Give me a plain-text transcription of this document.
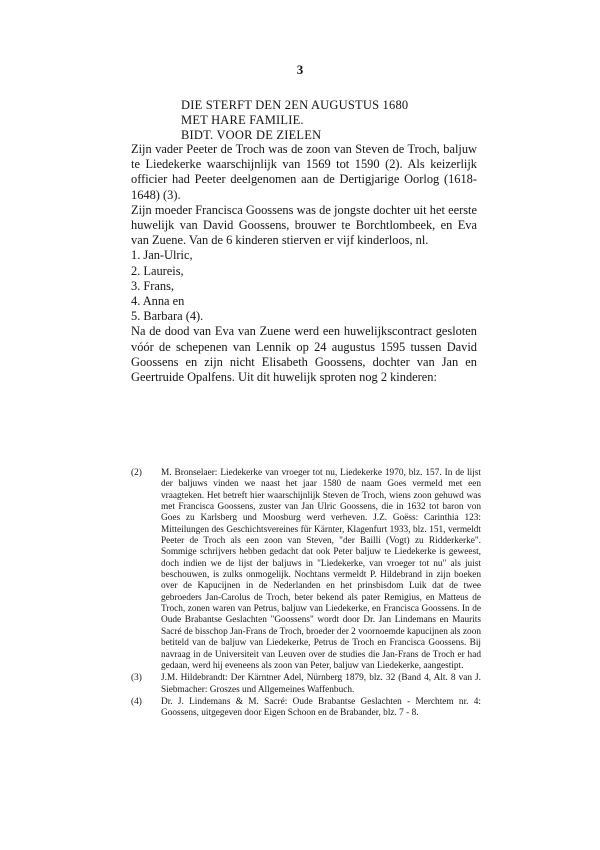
3
DIE STERFT DEN 2EN AUGUSTUS 1680
MET HARE FAMILIE.
BIDT. VOOR DE ZIELEN

Zijn vader Peeter de Troch was de zoon van Steven de Troch, baljuw te Liedekerke waarschijnlijk van 1569 tot 1590 (2). Als keizerlijk officier had Peeter deelgenomen aan de Dertigjarige Oorlog (1618-1648) (3).

Zijn moeder Francisca Goossens was de jongste dochter uit het eerste huwelijk van David Goossens, brouwer te Borchtlombeek, en Eva van Zuene. Van de 6 kinderen stierven er vijf kinderloos, nl.

1. Jan-Ulric,
2. Laureis,
3. Frans,
4. Anna en
5. Barbara (4).

Na de dood van Eva van Zuene werd een huwelijkscontract gesloten vóór de schepenen van Lennik op 24 augustus 1595 tussen David Goossens en zijn nicht Elisabeth Goossens, dochter van Jan en Geertruide Opalfens. Uit dit huwelijk sproten nog 2 kinderen:

(2) M. Bronselaer: Liedekerke van vroeger tot nu, Liedekerke 1970, blz. 157. In de lijst der baljuws vinden we naast het jaar 1580 de naam Goes vermeld met een vraagteken. Het betreft hier waarschijnlijk Steven de Troch, wiens zoon gehuwd was met Francisca Goossens, zuster van Jan Ulric Goossens, die in 1632 tot baron von Goes zu Karlsberg und Moosburg werd verheven. J.Z. Goëss: Carinthia 123: Mitteilungen des Geschichtsvereines für Kärnter, Klagenfurt 1933, blz. 151, vermeldt Peeter de Troch als een zoon van Steven, "der Bailli (Vogt) zu Ridderkerke". Sommige schrijvers hebben gedacht dat ook Peter baljuw te Liedekerke is geweest, doch indien we de lijst der baljuws in "Liedekerke, van vroeger tot nu" als juist beschouwen, is zulks onmogelijk. Nochtans vermeldt P. Hildebrand in zijn boeken over de Kapucijnen in de Nederlanden en het prinsbisdom Luik dat de twee gebroeders Jan-Carolus de Troch, beter bekend als pater Remigius, en Matteus de Troch, zonen waren van Petrus, baljuw van Liedekerke, en Francisca Goossens. In de Oude Brabantse Geslachten "Goossens" wordt door Dr. Jan Lindemans en Maurits Sacré de bisschop Jan-Frans de Troch, broeder der 2 voornoemde kapucijnen als zoon betiteld van de baljuw van Liedekerke, Petrus de Troch en Francisca Goossens. Bij navraag in de Universiteit van Leuven over de studies die Jan-Frans de Troch er had gedaan, werd hij eveneens als zoon van Peter, baljuw van Liedekerke, aangestipt.
(3) J.M. Hildebrandt: Der Kärntner Adel, Nürnberg 1879, blz. 32 (Band 4, Alt. 8 van J. Siebmacher: Groszes und Allgemeines Waffenbuch.
(4) Dr. J. Lindemans & M. Sacré: Oude Brabantse Geslachten - Merchtem nr. 4: Goossens, uitgegeven door Eigen Schoon en de Brabander, blz. 7 - 8.
